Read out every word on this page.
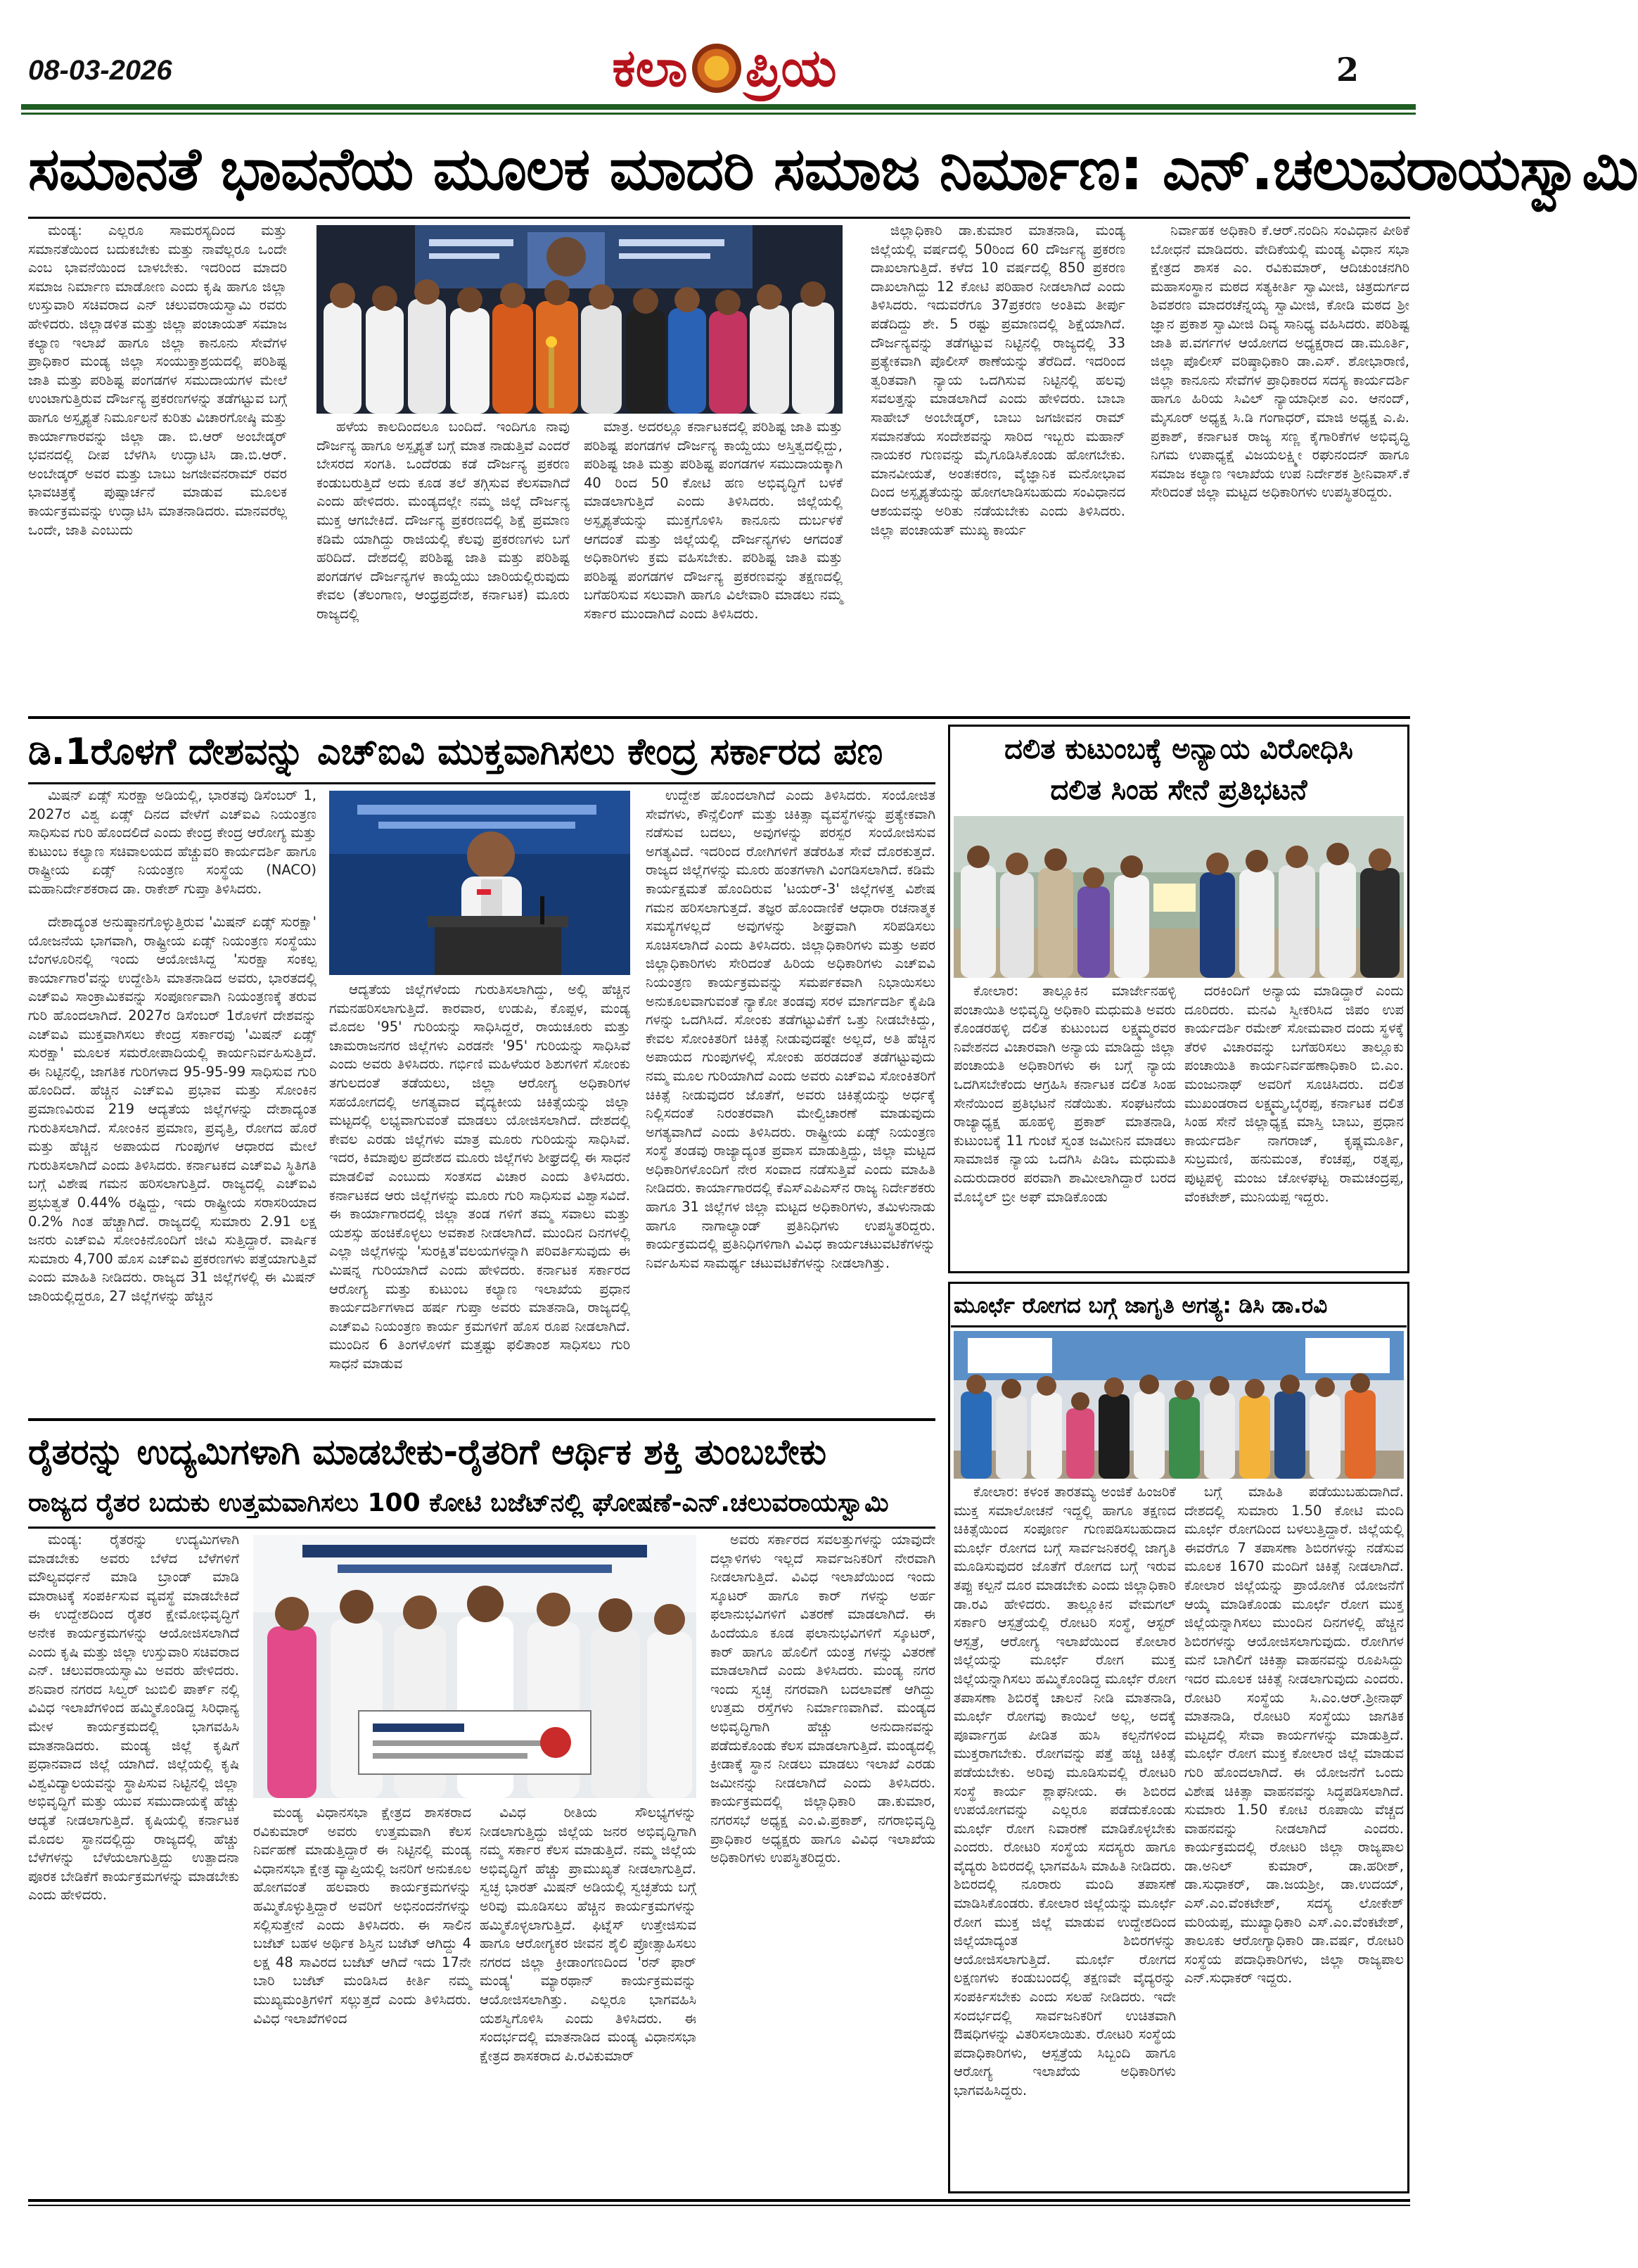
08-03-2026	ಕಲಾ ಪ್ರಿಯ	2
ಸಮಾನತೆ ಭಾವನೆಯ ಮೂಲಕ ಮಾದರಿ ಸಮಾಜ ನಿರ್ಮಾಣ: ಎನ್.ಚಲುವರಾಯಸ್ವಾಮಿ

ಮಂಡ್ಯ: ಎಲ್ಲರೂ ಸಾಮರಸ್ಯದಿಂದ ಮತ್ತು ಸಮಾನತೆಯಿಂದ ಬದುಕಬೇಕು ಮತ್ತು ನಾವೆಲ್ಲರೂ ಒಂದೇ ಎಂಬ ಭಾವನೆಯಿಂದ ಬಾಳಬೇಕು. ಇದರಿಂದ ಮಾದರಿ ಸಮಾಜ ನಿರ್ಮಾಣ ಮಾಡೋಣ ಎಂದು ಕೃಷಿ ಹಾಗೂ ಜಿಲ್ಲಾ ಉಸ್ತುವಾರಿ ಸಚಿವರಾದ ಎನ್ ಚಲುವರಾಯಸ್ವಾಮಿ ರವರು ಹೇಳಿದರು. ಜಿಲ್ಲಾಡಳಿತ ಮತ್ತು ಜಿಲ್ಲಾ ಪಂಚಾಯತ್ ಸಮಾಜ ಕಲ್ಯಾಣ ಇಲಾಖೆ ಹಾಗೂ ಜಿಲ್ಲಾ ಕಾನೂನು ಸೇವೆಗಳ ಪ್ರಾಧಿಕಾರ ಮಂಡ್ಯ ಜಿಲ್ಲಾ ಸಂಯುಕ್ತಾಶ್ರಯದಲ್ಲಿ ಪರಿಶಿಷ್ಟ ಜಾತಿ ಮತ್ತು ಪರಿಶಿಷ್ಟ ಪಂಗಡಗಳ ಸಮುದಾಯಗಳ ಮೇಲೆ ಉಂಟಾಗುತ್ತಿರುವ ದೌರ್ಜನ್ಯ ಪ್ರಕರಣಗಳನ್ನು ತಡೆಗಟ್ಟುವ ಬಗ್ಗೆ ಹಾಗೂ ಅಸ್ಪೃಶ್ಯತೆ ನಿರ್ಮೂಲನೆ ಕುರಿತು ವಿಚಾರಗೋಷ್ಠಿ ಮತ್ತು ಕಾರ್ಯಾಗಾರವನ್ನು ಜಿಲ್ಲಾ ಡಾ. ಬಿ.ಆರ್ ಅಂಬೇಡ್ಕರ್ ಭವನದಲ್ಲಿ ದೀಪ ಬೆಳಗಿಸಿ ಉದ್ಘಾಟಿಸಿ ಡಾ.ಬಿ.ಆರ್. ಅಂಬೇಡ್ಕರ್ ಅವರ ಮತ್ತು ಬಾಬು ಜಗಜೀವನರಾಮ್ ರವರ ಭಾವಚಿತ್ರಕ್ಕೆ ಪುಷ್ಪಾರ್ಚನೆ ಮಾಡುವ ಮೂಲಕ ಕಾರ್ಯಕ್ರಮವನ್ನು ಉದ್ಘಾಟಿಸಿ ಮಾತನಾಡಿದರು. ಮಾನವರೆಲ್ಲ ಒಂದೇ, ಜಾತಿ ಎಂಬುದು

ಹಳೆಯ ಕಾಲದಿಂದಲೂ ಬಂದಿದೆ. ಇಂದಿಗೂ ನಾವು ದೌರ್ಜನ್ಯ ಹಾಗೂ ಅಸ್ಪೃಶ್ಯತೆ ಬಗ್ಗೆ ಮಾತ ನಾಡುತ್ತಿವೆ ಎಂದರೆ ಬೇಸರದ ಸಂಗತಿ. ಒಂದೆರಡು ಕಡೆ ದೌರ್ಜನ್ಯ ಪ್ರಕರಣ ಕಂಡುಬರುತ್ತಿದೆ ಅದು ಕೂಡ ತಲೆ ತಗ್ಗಿಸುವ ಕೆಲಸವಾಗಿದೆ ಎಂದು ಹೇಳಿದರು. ಮಂಡ್ಯದಲ್ಲೇ ನಮ್ಮ ಜಿಲ್ಲೆ ದೌರ್ಜನ್ಯ ಮುಕ್ತ ಆಗಬೇಕಿದೆ. ದೌರ್ಜನ್ಯ ಪ್ರಕರಣದಲ್ಲಿ ಶಿಕ್ಷೆ ಪ್ರಮಾಣ ಕಡಿಮೆ ಯಾಗಿದ್ದು ರಾಜಿಯಲ್ಲಿ ಕೆಲವು ಪ್ರಕರಣಗಳು ಬಗೆ ಹರಿದಿದೆ. ದೇಶದಲ್ಲಿ ಪರಿಶಿಷ್ಟ ಜಾತಿ ಮತ್ತು ಪರಿಶಿಷ್ಟ ಪಂಗಡಗಳ ದೌರ್ಜನ್ಯಗಳ ಕಾಯ್ದೆಯು ಜಾರಿಯಲ್ಲಿರುವುದು ಕೇವಲ (ತೆಲಂಗಾಣ, ಆಂಧ್ರಪ್ರದೇಶ, ಕರ್ನಾಟಕ) ಮೂರು ರಾಜ್ಯದಲ್ಲಿ

ಮಾತ್ರ. ಅದರಲ್ಲೂ ಕರ್ನಾಟಕದಲ್ಲಿ ಪರಿಶಿಷ್ಟ ಜಾತಿ ಮತ್ತು ಪರಿಶಿಷ್ಟ ಪಂಗಡಗಳ ದೌರ್ಜನ್ಯ ಕಾಯ್ದೆಯು ಅಸ್ತಿತ್ವದಲ್ಲಿದ್ದು, ಪರಿಶಿಷ್ಟ ಜಾತಿ ಮತ್ತು ಪರಿಶಿಷ್ಟ ಪಂಗಡಗಳ ಸಮುದಾಯಕ್ಕಾಗಿ 40 ರಿಂದ 50 ಕೋಟಿ ಹಣ ಅಭಿವೃದ್ಧಿಗೆ ಬಳಕೆ ಮಾಡಲಾಗುತ್ತಿದೆ ಎಂದು ತಿಳಿಸಿದರು. ಜಿಲ್ಲೆಯಲ್ಲಿ ಅಸ್ಪೃಶ್ಯತೆಯನ್ನು ಮುಕ್ತಗೊಳಿಸಿ ಕಾನೂನು ದುರ್ಬಳಕೆ ಆಗದಂತೆ ಮತ್ತು ಜಿಲ್ಲೆಯಲ್ಲಿ ದೌರ್ಜನ್ಯಗಳು ಆಗದಂತೆ ಅಧಿಕಾರಿಗಳು ಕ್ರಮ ವಹಿಸಬೇಕು. ಪರಿಶಿಷ್ಟ ಜಾತಿ ಮತ್ತು ಪರಿಶಿಷ್ಟ ಪಂಗಡಗಳ ದೌರ್ಜನ್ಯ ಪ್ರಕರಣವನ್ನು ತಕ್ಷಣದಲ್ಲಿ ಬಗೆಹರಿಸುವ ಸಲುವಾಗಿ ಹಾಗೂ ವಿಲೇವಾರಿ ಮಾಡಲು ನಮ್ಮ ಸರ್ಕಾರ ಮುಂದಾಗಿದೆ ಎಂದು ತಿಳಿಸಿದರು.

ಜಿಲ್ಲಾಧಿಕಾರಿ ಡಾ.ಕುಮಾರ ಮಾತನಾಡಿ, ಮಂಡ್ಯ ಜಿಲ್ಲೆಯಲ್ಲಿ ವರ್ಷದಲ್ಲಿ 50ರಿಂದ 60 ದೌರ್ಜನ್ಯ ಪ್ರಕರಣ ದಾಖಲಾಗುತ್ತಿದೆ. ಕಳೆದ 10 ವರ್ಷದಲ್ಲಿ 850 ಪ್ರಕರಣ ದಾಖಲಾಗಿದ್ದು 12 ಕೋಟಿ ಪರಿಹಾರ ನೀಡಲಾಗಿದೆ ಎಂದು ತಿಳಿಸಿದರು. ಇದುವರೆಗೂ 37ಪ್ರಕರಣ ಅಂತಿಮ ತೀರ್ಪು ಪಡೆದಿದ್ದು ಶೇ. 5 ರಷ್ಟು ಪ್ರಮಾಣದಲ್ಲಿ ಶಿಕ್ಷೆಯಾಗಿದೆ. ದೌರ್ಜನ್ಯವನ್ನು ತಡೆಗಟ್ಟುವ ನಿಟ್ಟಿನಲ್ಲಿ ರಾಜ್ಯದಲ್ಲಿ 33 ಪ್ರತ್ಯೇಕವಾಗಿ ಪೊಲೀಸ್ ಠಾಣೆಯನ್ನು ತೆರೆದಿದೆ. ಇದರಿಂದ ತ್ವರಿತವಾಗಿ ನ್ಯಾಯ ಒದಗಿಸುವ ನಿಟ್ಟಿನಲ್ಲಿ ಹಲವು ಸವಲತ್ತನ್ನು ಮಾಡಲಾಗಿದೆ ಎಂದು ಹೇಳಿದರು. ಬಾಬಾ ಸಾಹೇಬ್ ಅಂಬೇಡ್ಕರ್, ಬಾಬು ಜಗಜೀವನ ರಾಮ್ ಸಮಾನತೆಯ ಸಂದೇಶವನ್ನು ಸಾರಿದ ಇಬ್ಬರು ಮಹಾನ್ ನಾಯಕರ ಗುಣವನ್ನು ಮೈಗೂಡಿಸಿಕೊಂಡು ಹೋಗಬೇಕು. ಮಾನವೀಯತೆ, ಅಂತಃಕರಣ, ವೈಜ್ಞಾನಿಕ ಮನೋಭಾವ ದಿಂದ ಅಸ್ಪೃಶ್ಯತೆಯನ್ನು ಹೋಗಲಾಡಿಸಬಹುದು ಸಂವಿಧಾನದ ಆಶಯವನ್ನು ಅರಿತು ನಡೆಯಬೇಕು ಎಂದು ತಿಳಿಸಿದರು. ಜಿಲ್ಲಾ ಪಂಚಾಯತ್ ಮುಖ್ಯ ಕಾರ್ಯ

ನಿರ್ವಾಹಕ ಅಧಿಕಾರಿ ಕೆ.ಆರ್.ನಂದಿನಿ ಸಂವಿಧಾನ ಪೀಠಿಕೆ ಬೋಧನೆ ಮಾಡಿದರು. ವೇದಿಕೆಯಲ್ಲಿ ಮಂಡ್ಯ ವಿಧಾನ ಸಭಾ ಕ್ಷೇತ್ರದ ಶಾಸಕ ಎಂ. ರವಿಕುಮಾರ್, ಆದಿಚುಂಚನಗಿರಿ ಮಹಾಸಂಸ್ಥಾನ ಮಠದ ಸತ್ಯಕೀರ್ತಿ ಸ್ವಾಮೀಜಿ, ಚಿತ್ರದುರ್ಗದ ಶಿವಶರಣ ಮಾದರಚೆನ್ನಯ್ಯ ಸ್ವಾಮೀಜಿ, ಕೋಡಿ ಮಠದ ಶ್ರೀ ಜ್ಞಾನ ಪ್ರಕಾಶ ಸ್ವಾಮೀಜಿ ದಿವ್ಯ ಸಾನಿಧ್ಯ ವಹಿಸಿದರು. ಪರಿಶಿಷ್ಟ ಜಾತಿ ಪ.ವರ್ಗಗಳ ಆಯೋಗದ ಅಧ್ಯಕ್ಷರಾದ ಡಾ.ಮೂರ್ತಿ, ಜಿಲ್ಲಾ ಪೊಲೀಸ್ ವರಿಷ್ಠಾಧಿಕಾರಿ ಡಾ.ಎಸ್. ಶೋಭಾರಾಣಿ, ಜಿಲ್ಲಾ ಕಾನೂನು ಸೇವೆಗಳ ಪ್ರಾಧಿಕಾರದ ಸದಸ್ಯ ಕಾರ್ಯದರ್ಶಿ ಹಾಗೂ ಹಿರಿಯ ಸಿವಿಲ್ ನ್ಯಾಯಾಧೀಶ ಎಂ. ಆನಂದ್, ಮೈಸೂರ್ ಅಧ್ಯಕ್ಷ ಸಿ.ಡಿ ಗಂಗಾಧರ್, ಮಾಜಿ ಅಧ್ಯಕ್ಷ ಎ.ಪಿ. ಪ್ರಕಾಶ್, ಕರ್ನಾಟಕ ರಾಜ್ಯ ಸಣ್ಣ ಕೈಗಾರಿಕೆಗಳ ಅಭಿವೃದ್ಧಿ ನಿಗಮ ಉಪಾಧ್ಯಕ್ಷೆ ವಿಜಯಲಕ್ಷ್ಮೀ ರಘುನಂದನ್ ಹಾಗೂ ಸಮಾಜ ಕಲ್ಯಾಣ ಇಲಾಖೆಯ ಉಪ ನಿರ್ದೇಶಕ ಶ್ರೀನಿವಾಸ್.ಕೆ ಸೇರಿದಂತೆ ಜಿಲ್ಲಾ ಮಟ್ಟದ ಅಧಿಕಾರಿಗಳು ಉಪಸ್ಥಿತರಿದ್ದರು.

ಡಿ.1ರೊಳಗೆ ದೇಶವನ್ನು ಎಚ್‌ಐವಿ ಮುಕ್ತವಾಗಿಸಲು ಕೇಂದ್ರ ಸರ್ಕಾರದ ಪಣ

ಮಿಷನ್ ಏಡ್ಸ್ ಸುರಕ್ಷಾ ಅಡಿಯಲ್ಲಿ, ಭಾರತವು ಡಿಸೆಂಬರ್ 1, 2027ರ ವಿಶ್ವ ಏಡ್ಸ್ ದಿನದ ವೇಳೆಗೆ ಎಚ್‌ಐವಿ ನಿಯಂತ್ರಣ ಸಾಧಿಸುವ ಗುರಿ ಹೊಂದಲಿದೆ ಎಂದು ಕೇಂದ್ರ ಕೇಂದ್ರ ಆರೋಗ್ಯ ಮತ್ತು ಕುಟುಂಬ ಕಲ್ಯಾಣ ಸಚಿವಾಲಯದ ಹೆಚ್ಚುವರಿ ಕಾರ್ಯದರ್ಶಿ ಹಾಗೂ ರಾಷ್ಟ್ರೀಯ ಏಡ್ಸ್ ನಿಯಂತ್ರಣ ಸಂಸ್ಥೆಯ (NACO) ಮಹಾನಿರ್ದೇಶಕರಾದ ಡಾ. ರಾಕೇಶ್ ಗುಪ್ತಾ ತಿಳಿಸಿದರು.

ದೇಶಾದ್ಯಂತ ಅನುಷ್ಠಾನಗೊಳ್ಳುತ್ತಿರುವ 'ಮಿಷನ್ ಏಡ್ಸ್ ಸುರಕ್ಷಾ' ಯೋಜನೆಯ ಭಾಗವಾಗಿ, ರಾಷ್ಟ್ರೀಯ ಏಡ್ಸ್ ನಿಯಂತ್ರಣ ಸಂಸ್ಥೆಯು ಬೆಂಗಳೂರಿನಲ್ಲಿ ಇಂದು ಆಯೋಜಿಸಿದ್ದ 'ಸುರಕ್ಷಾ ಸಂಕಲ್ಪ ಕಾರ್ಯಾಗಾರ'ವನ್ನು ಉದ್ದೇಶಿಸಿ ಮಾತನಾಡಿದ ಅವರು, ಭಾರತದಲ್ಲಿ ಎಚ್‌ಐವಿ ಸಾಂಕ್ರಾಮಿಕವನ್ನು ಸಂಪೂರ್ಣವಾಗಿ ನಿಯಂತ್ರಣಕ್ಕೆ ತರುವ ಗುರಿ ಹೊಂದಲಾಗಿದೆ. 2027ರ ಡಿಸೆಂಬರ್ 1ರೊಳಗೆ ದೇಶವನ್ನು ಎಚ್‌ಐವಿ ಮುಕ್ತವಾಗಿಸಲು ಕೇಂದ್ರ ಸರ್ಕಾರವು 'ಮಿಷನ್ ಏಡ್ಸ್ ಸುರಕ್ಷಾ' ಮೂಲಕ ಸಮರೋಪಾದಿಯಲ್ಲಿ ಕಾರ್ಯನಿರ್ವಹಿಸುತ್ತಿದೆ. ಈ ನಿಟ್ಟಿನಲ್ಲಿ, ಜಾಗತಿಕ ಗುರಿಗಳಾದ 95-95-99 ಸಾಧಿಸುವ ಗುರಿ ಹೊಂದಿದೆ. ಹೆಚ್ಚಿನ ಎಚ್‌ಐವಿ ಪ್ರಭಾವ ಮತ್ತು ಸೋಂಕಿನ ಪ್ರಮಾಣವಿರುವ 219 ಆದ್ಯತೆಯ ಜಿಲ್ಲೆಗಳನ್ನು ದೇಶಾದ್ಯಂತ ಗುರುತಿಸಲಾಗಿದೆ. ಸೋಂಕಿನ ಪ್ರಮಾಣ, ಪ್ರವೃತ್ತಿ, ರೋಗದ ಹೊರೆ ಮತ್ತು ಹೆಚ್ಚಿನ ಅಪಾಯದ ಗುಂಪುಗಳ ಆಧಾರದ ಮೇಲೆ ಗುರುತಿಸಲಾಗಿದೆ ಎಂದು ತಿಳಿಸಿದರು. ಕರ್ನಾಟಕದ ಎಚ್‌ಐವಿ ಸ್ಥಿತಿಗತಿ ಬಗ್ಗೆ ವಿಶೇಷ ಗಮನ ಹರಿಸಲಾಗುತ್ತಿದೆ. ರಾಜ್ಯದಲ್ಲಿ ಎಚ್‌ಐವಿ ಪ್ರಭುತ್ವತೆ 0.44% ರಷ್ಟಿದ್ದು, ಇದು ರಾಷ್ಟ್ರೀಯ ಸರಾಸರಿಯಾದ 0.2% ಗಿಂತ ಹೆಚ್ಚಾಗಿದೆ. ರಾಜ್ಯದಲ್ಲಿ ಸುಮಾರು 2.91 ಲಕ್ಷ ಜನರು ಎಚ್‌ಐವಿ ಸೋಂಕಿನೊಂದಿಗೆ ಜೀವಿ ಸುತ್ತಿದ್ದಾರೆ. ವಾರ್ಷಿಕ ಸುಮಾರು 4,700 ಹೊಸ ಎಚ್‌ಐವಿ ಪ್ರಕರಣಗಳು ಪತ್ತೆಯಾಗುತ್ತಿವೆ ಎಂದು ಮಾಹಿತಿ ನೀಡಿದರು. ರಾಜ್ಯದ 31 ಜಿಲ್ಲೆಗಳಲ್ಲಿ ಈ ಮಿಷನ್ ಜಾರಿಯಲ್ಲಿದ್ದರೂ, 27 ಜಿಲ್ಲೆಗಳನ್ನು ಹೆಚ್ಚಿನ

ಆದ್ಯತೆಯ ಜಿಲ್ಲೆಗಳೆಂದು ಗುರುತಿಸಲಾಗಿದ್ದು, ಅಲ್ಲಿ ಹೆಚ್ಚಿನ ಗಮನಹರಿಸಲಾಗುತ್ತಿದೆ. ಕಾರವಾರ, ಉಡುಪಿ, ಕೊಪ್ಪಳ, ಮಂಡ್ಯ ಮೊದಲ '95' ಗುರಿಯನ್ನು ಸಾಧಿಸಿದ್ದರೆ, ರಾಯಚೂರು ಮತ್ತು ಚಾಮರಾಜನಗರ ಜಿಲ್ಲೆಗಳು ಎರಡನೇ '95' ಗುರಿಯನ್ನು ಸಾಧಿಸಿವೆ ಎಂದು ಅವರು ತಿಳಿಸಿದರು. ಗರ್ಭಿಣಿ ಮಹಿಳೆಯರ ಶಿಶುಗಳಿಗೆ ಸೋಂಕು ತಗುಲದಂತೆ ತಡೆಯಲು, ಜಿಲ್ಲಾ ಆರೋಗ್ಯ ಅಧಿಕಾರಿಗಳ ಸಹಯೋಗದಲ್ಲಿ ಅಗತ್ಯವಾದ ವೈದ್ಯಕೀಯ ಚಿಕಿತ್ಸೆಯನ್ನು ಜಿಲ್ಲಾ ಮಟ್ಟದಲ್ಲಿ ಲಭ್ಯವಾಗುವಂತೆ ಮಾಡಲು ಯೋಜಿಸಲಾಗಿದೆ. ದೇಶದಲ್ಲಿ ಕೇವಲ ಎರಡು ಜಿಲ್ಲೆಗಳು ಮಾತ್ರ ಮೂರು ಗುರಿಯನ್ನು ಸಾಧಿಸಿವೆ. ಇದರ, ಕಿಮಾಪುಲ ಪ್ರದೇಶದ ಮೂರು ಜಿಲ್ಲೆಗಳು ಶೀಘ್ರದಲ್ಲಿ ಈ ಸಾಧನೆ ಮಾಡಲಿವೆ ಎಂಬುದು ಸಂತಸದ ವಿಚಾರ ಎಂದು ತಿಳಿಸಿದರು. ಕರ್ನಾಟಕದ ಆರು ಜಿಲ್ಲೆಗಳನ್ನು ಮೂರು ಗುರಿ ಸಾಧಿಸುವ ವಿಶ್ವಾಸವಿದೆ. ಈ ಕಾರ್ಯಾಗಾರದಲ್ಲಿ ಜಿಲ್ಲಾ ತಂಡ ಗಳಿಗೆ ತಮ್ಮ ಸವಾಲು ಮತ್ತು ಯಶಸ್ಸು ಹಂಚಿಕೊಳ್ಳಲು ಅವಕಾಶ ನೀಡಲಾಗಿದೆ. ಮುಂದಿನ ದಿನಗಳಲ್ಲಿ ಎಲ್ಲಾ ಜಿಲ್ಲೆಗಳನ್ನು 'ಸುರಕ್ಷಿತ'ವಲಯಗಳನ್ನಾಗಿ ಪರಿವರ್ತಿಸುವುದು ಈ ಮಿಷನ್ನ ಗುರಿಯಾಗಿದೆ ಎಂದು ಹೇಳಿದರು. ಕರ್ನಾಟಕ ಸರ್ಕಾರದ ಆರೋಗ್ಯ ಮತ್ತು ಕುಟುಂಬ ಕಲ್ಯಾಣ ಇಲಾಖೆಯ ಪ್ರಧಾನ ಕಾರ್ಯದರ್ಶಿಗಳಾದ ಹರ್ಷ ಗುಪ್ತಾ ಅವರು ಮಾತನಾಡಿ, ರಾಜ್ಯದಲ್ಲಿ ಎಚ್‌ಐವಿ ನಿಯಂತ್ರಣ ಕಾರ್ಯ ಕ್ರಮಗಳಿಗೆ ಹೊಸ ರೂಪ ನೀಡಲಾಗಿದೆ. ಮುಂದಿನ 6 ತಿಂಗಳೊಳಗೆ ಮತ್ತಷ್ಟು ಫಲಿತಾಂಶ ಸಾಧಿಸಲು ಗುರಿ ಸಾಧನೆ ಮಾಡುವ

ಉದ್ದೇಶ ಹೊಂದಲಾಗಿದೆ ಎಂದು ತಿಳಿಸಿದರು. ಸಂಯೋಜಿತ ಸೇವೆಗಳು, ಕೌನ್ಸೆಲಿಂಗ್ ಮತ್ತು ಚಿಕಿತ್ಸಾ ವ್ಯವಸ್ಥೆಗಳನ್ನು ಪ್ರತ್ಯೇಕವಾಗಿ ನಡೆಸುವ ಬದಲು, ಅವುಗಳನ್ನು ಪರಸ್ಪರ ಸಂಯೋಜಿಸುವ ಅಗತ್ಯವಿದೆ. ಇದರಿಂದ ರೋಗಿಗಳಿಗೆ ತಡೆರಹಿತ ಸೇವೆ ದೊರಕುತ್ತದೆ. ರಾಜ್ಯದ ಜಿಲ್ಲೆಗಳನ್ನು ಮೂರು ಹಂತಗಳಾಗಿ ವಿಂಗಡಿಸಲಾಗಿದೆ. ಕಡಿಮೆ ಕಾರ್ಯಕ್ಷಮತೆ ಹೊಂದಿರುವ 'ಟಯರ್-3' ಜಿಲ್ಲೆಗಳತ್ತ ವಿಶೇಷ ಗಮನ ಹರಿಸಲಾಗುತ್ತದೆ. ತಜ್ಞರ ಹೊಂದಾಣಿಕೆ ಆಧಾರಾ ರಚನಾತ್ಮಕ ಸಮಸ್ಯೆಗಳಲ್ಲದೆ ಅವುಗಳನ್ನು ಶೀಘ್ರವಾಗಿ ಸರಿಪಡಿಸಲು ಸೂಚಿಸಲಾಗಿದೆ ಎಂದು ತಿಳಿಸಿದರು. ಜಿಲ್ಲಾಧಿಕಾರಿಗಳು ಮತ್ತು ಅಪರ ಜಿಲ್ಲಾಧಿಕಾರಿಗಳು ಸೇರಿದಂತೆ ಹಿರಿಯ ಅಧಿಕಾರಿಗಳು ಎಚ್‌ಐವಿ ನಿಯಂತ್ರಣ ಕಾರ್ಯಕ್ರಮವನ್ನು ಸಮರ್ಪಕವಾಗಿ ನಿಭಾಯಿಸಲು ಅನುಕೂಲವಾಗುವಂತೆ ನ್ಯಾಕೋ ತಂಡವು ಸರಳ ಮಾರ್ಗದರ್ಶಿ ಕೈಪಿಡಿ ಗಳನ್ನು ಒದಗಿಸಿದೆ. ಸೋಂಕು ತಡೆಗಟ್ಟುವಿಕೆಗೆ ಒತ್ತು ನೀಡಬೇಕಿದ್ದು, ಕೇವಲ ಸೋಂಕಿತರಿಗೆ ಚಿಕಿತ್ಸೆ ನೀಡುವುದಷ್ಟೇ ಅಲ್ಲದೆ, ಅತಿ ಹೆಚ್ಚಿನ ಅಪಾಯದ ಗುಂಪುಗಳಲ್ಲಿ ಸೋಂಕು ಹರಡದಂತೆ ತಡೆಗಟ್ಟುವುದು ನಮ್ಮ ಮೂಲ ಗುರಿಯಾಗಿದೆ ಎಂದು ಅವರು ಎಚ್‌ಐವಿ ಸೋಂಕಿತರಿಗೆ ಚಿಕಿತ್ಸೆ ನೀಡುವುದರ ಜೊತೆಗೆ, ಅವರು ಚಿಕಿತ್ಸೆಯನ್ನು ಅರ್ಧಕ್ಕೆ ನಿಲ್ಲಿಸದಂತೆ ನಿರಂತರವಾಗಿ ಮೇಲ್ವಿಚಾರಣೆ ಮಾಡುವುದು ಅಗತ್ಯವಾಗಿದೆ ಎಂದು ತಿಳಿಸಿದರು. ರಾಷ್ಟ್ರೀಯ ಏಡ್ಸ್ ನಿಯಂತ್ರಣ ಸಂಸ್ಥೆ ತಂಡವು ರಾಜ್ಯಾದ್ಯಂತ ಪ್ರವಾಸ ಮಾಡುತ್ತಿದ್ದು, ಜಿಲ್ಲಾ ಮಟ್ಟದ ಅಧಿಕಾರಿಗಳೊಂದಿಗೆ ನೇರ ಸಂವಾದ ನಡೆಸುತ್ತಿವೆ ಎಂದು ಮಾಹಿತಿ ನೀಡಿದರು. ಕಾರ್ಯಾಗಾರದಲ್ಲಿ ಕೆಎಸ್‌ಎಪಿಎಸ್‌ನ ರಾಜ್ಯ ನಿರ್ದೇಶಕರು ಹಾಗೂ 31 ಜಿಲ್ಲೆಗಳ ಜಿಲ್ಲಾ ಮಟ್ಟದ ಅಧಿಕಾರಿಗಳು, ತಮಿಳುನಾಡು ಹಾಗೂ ನಾಗಾಲ್ಯಾಂಡ್ ಪ್ರತಿನಿಧಿಗಳು ಉಪಸ್ಥಿತರಿದ್ದರು. ಕಾರ್ಯಕ್ರಮದಲ್ಲಿ ಪ್ರತಿನಿಧಿಗಳಿಗಾಗಿ ವಿವಿಧ ಕಾರ್ಯಚಟುವಟಿಕೆಗಳನ್ನು ನಿರ್ವಹಿಸುವ ಸಾಮರ್ಥ್ಯ ಚಟುವಟಿಕೆಗಳನ್ನು ನೀಡಲಾಗಿತ್ತು.

ದಲಿತ ಕುಟುಂಬಕ್ಕೆ ಅನ್ಯಾಯ ವಿರೋಧಿಸಿ
ದಲಿತ ಸಿಂಹ ಸೇನೆ ಪ್ರತಿಭಟನೆ

ಕೋಲಾರ: ತಾಲ್ಲೂಕಿನ ಮಾರ್ಜೇನಹಳ್ಳಿ ಪಂಚಾಯಿತಿ ಅಭಿವೃದ್ಧಿ ಅಧಿಕಾರಿ ಮಧುಮತಿ ಅವರು ಕೊಂಡರಹಳ್ಳಿ ದಲಿತ ಕುಟುಂಬದ ಲಕ್ಷ್ಮಮ್ಮರವರ ನಿವೇಶನದ ವಿಚಾರವಾಗಿ ಅನ್ಯಾಯ ಮಾಡಿದ್ದು ಜಿಲ್ಲಾ ಪಂಚಾಯತಿ ಅಧಿಕಾರಿಗಳು ಈ ಬಗ್ಗೆ ನ್ಯಾಯ ಒದಗಿಸಬೇಕೆಂದು ಆಗ್ರಹಿಸಿ ಕರ್ನಾಟಕ ದಲಿತ ಸಿಂಹ ಸೇನೆಯಿಂದ ಪ್ರತಿಭಟನೆ ನಡೆಯಿತು. ಸಂಘಟನೆಯ ರಾಜ್ಯಾಧ್ಯಕ್ಷ ಹೂಹಳ್ಳಿ ಪ್ರಕಾಶ್ ಮಾತನಾಡಿ, ಕುಟುಂಬಕ್ಕೆ 11 ಗುಂಟೆ ಸ್ವಂತ ಜಮೀನಿನ ಮಾಡಲು ಸಾಮಾಜಿಕ ನ್ಯಾಯ ಒದಗಿಸಿ ಪಿಡಿಒ ಮಧುಮತಿ ಎದುರುದಾರರ ಪರವಾಗಿ ಶಾಮೀಲಾಗಿದ್ದಾರೆ ಬರದ ಮೊಬೈಲ್ ಬ್ರೀ ಅಫ್ ಮಾಡಿಕೊಂಡು

ದರಕಿಂದಿಗೆ ಅನ್ಯಾಯ ಮಾಡಿದ್ದಾರೆ ಎಂದು ದೂರಿದರು. ಮನವಿ ಸ್ವೀಕರಿಸಿದ ಜಿಪಂ ಉಪ ಕಾರ್ಯದರ್ಶಿ ರಮೇಶ್ ಸೋಮವಾರ ದಂದು ಸ್ಥಳಕ್ಕೆ ತೆರಳಿ ವಿಚಾರವನ್ನು ಬಗೆಹರಿಸಲು ತಾಲ್ಲೂಕು ಪಂಚಾಯಿತಿ ಕಾರ್ಯನಿರ್ವಹಣಾಧಿಕಾರಿ ಬಿ.ಎಂ. ಮಂಜುನಾಥ್ ಅವರಿಗೆ ಸೂಚಿಸಿದರು. ದಲಿತ ಮುಖಂಡರಾದ ಲಕ್ಷ್ಮಮ್ಮ,ಬೈರಪ್ಪ, ಕರ್ನಾಟಕ ದಲಿತ ಸಿಂಹ ಸೇನೆ ಜಿಲ್ಲಾಧ್ಯಕ್ಷ ಮಾಸ್ತಿ ಬಾಬು, ಪ್ರಧಾನ ಕಾರ್ಯದರ್ಶಿ ನಾಗರಾಜ್, ಕೃಷ್ಣಮೂರ್ತಿ, ಸುಬ್ರಮಣಿ, ಹನುಮಂತ, ಕೆಂಚಪ್ಪ, ರತ್ನಪ್ಪ, ಪುಟ್ಟಪಳ್ಳಿ ಮಂಜು ಚೋಳಘಟ್ಟ ರಾಮಚಂದ್ರಪ್ಪ, ವೆಂಕಟೇಶ್, ಮುನಿಯಪ್ಪ ಇದ್ದರು.

ಮೂರ್ಛೆ ರೋಗದ ಬಗ್ಗೆ ಜಾಗೃತಿ ಅಗತ್ಯ: ಡಿಸಿ ಡಾ.ರವಿ

ಕೋಲಾರ: ಕಳಂಕ ತಾರತಮ್ಯ ಅಂಜಿಕೆ ಹಿಂಜರಿಕೆ ಮುಕ್ತ ಸಮಾಲೋಚನೆ ಇದ್ದಲ್ಲಿ ಹಾಗೂ ತಕ್ಷಣದ ಚಿಕಿತ್ಸೆಯಿಂದ ಸಂಪೂರ್ಣ ಗುಣಪಡಿಸಬಹುದಾದ ಮೂರ್ಛೆ ರೋಗದ ಬಗ್ಗೆ ಸಾರ್ವಜನಿಕರಲ್ಲಿ ಜಾಗೃತಿ ಮೂಡಿಸುವುದರ ಜೊತೆಗೆ ರೋಗದ ಬಗ್ಗೆ ಇರುವ ತಪ್ಪು ಕಲ್ಪನೆ ದೂರ ಮಾಡಬೇಕು ಎಂದು ಜಿಲ್ಲಾಧಿಕಾರಿ ಡಾ.ರವಿ ಹೇಳಿದರು. ತಾಲ್ಲೂಕಿನ ವೇಮಗಲ್ ಸರ್ಕಾರಿ ಆಸ್ಪತ್ರೆಯಲ್ಲಿ ರೋಟರಿ ಸಂಸ್ಥೆ, ಆಸ್ಟರ್ ಆಸ್ಪತ್ರೆ, ಆರೋಗ್ಯ ಇಲಾಖೆಯಿಂದ ಕೋಲಾರ ಜಿಲ್ಲೆಯನ್ನು ಮೂರ್ಛೆ ರೋಗ ಮುಕ್ತ ಜಿಲ್ಲೆಯನ್ನಾಗಿಸಲು ಹಮ್ಮಿಕೊಂಡಿದ್ದ ಮೂರ್ಛೆ ರೋಗ ತಪಾಸಣಾ ಶಿಬಿರಕ್ಕೆ ಚಾಲನೆ ನೀಡಿ ಮಾತನಾಡಿ, ಮೂರ್ಛೆ ರೋಗವು ಕಾಯಿಲೆ ಅಲ್ಲ, ಅದಕ್ಕೆ ಪೂರ್ವಾಗ್ರಹ ಪೀಡಿತ ಹುಸಿ ಕಲ್ಪನೆಗಳಿಂದ ಮುಕ್ತರಾಗಬೇಕು. ರೋಗವನ್ನು ಪತ್ತೆ ಹಚ್ಚಿ ಚಿಕಿತ್ಸೆ ಪಡೆಯಬೇಕು. ಅರಿವು ಮೂಡಿಸುವಲ್ಲಿ ರೋಟರಿ ಸಂಸ್ಥೆ ಕಾರ್ಯ ಶ್ಲಾಘನೀಯ. ಈ ಶಿಬಿರದ ಉಪಯೋಗವನ್ನು ಎಲ್ಲರೂ ಪಡೆದುಕೊಂಡು ಮೂರ್ಛೆ ರೋಗ ನಿವಾರಣೆ ಮಾಡಿಕೊಳ್ಳಬೇಕು ಎಂದರು. ರೋಟರಿ ಸಂಸ್ಥೆಯ ಸದಸ್ಯರು ಹಾಗೂ ವೈದ್ಯರು ಶಿಬಿರದಲ್ಲಿ ಭಾಗವಹಿಸಿ ಮಾಹಿತಿ ನೀಡಿದರು. ಶಿಬಿರದಲ್ಲಿ ನೂರಾರು ಮಂದಿ ತಪಾಸಣೆ ಮಾಡಿಸಿಕೊಂಡರು. ಕೋಲಾರ ಜಿಲ್ಲೆಯನ್ನು ಮೂರ್ಛೆ ರೋಗ ಮುಕ್ತ ಜಿಲ್ಲೆ ಮಾಡುವ ಉದ್ದೇಶದಿಂದ ಜಿಲ್ಲೆಯಾದ್ಯಂತ ಶಿಬಿರಗಳನ್ನು ಆಯೋಜಿಸಲಾಗುತ್ತಿದೆ. ಮೂರ್ಛೆ ರೋಗದ ಲಕ್ಷಣಗಳು ಕಂಡುಬಂದಲ್ಲಿ ತಕ್ಷಣವೇ ವೈದ್ಯರನ್ನು ಸಂಪರ್ಕಿಸಬೇಕು ಎಂದು ಸಲಹೆ ನೀಡಿದರು. ಇದೇ ಸಂದರ್ಭದಲ್ಲಿ ಸಾರ್ವಜನಿಕರಿಗೆ ಉಚಿತವಾಗಿ ಔಷಧಿಗಳನ್ನು ವಿತರಿಸಲಾಯಿತು. ರೋಟರಿ ಸಂಸ್ಥೆಯ ಪದಾಧಿಕಾರಿಗಳು, ಆಸ್ಪತ್ರೆಯ ಸಿಬ್ಬಂದಿ ಹಾಗೂ ಆರೋಗ್ಯ ಇಲಾಖೆಯ ಅಧಿಕಾರಿಗಳು ಭಾಗವಹಿಸಿದ್ದರು.

ಬಗ್ಗೆ ಮಾಹಿತಿ ಪಡೆಯುಬಹುದಾಗಿದೆ. ದೇಶದಲ್ಲಿ ಸುಮಾರು 1.50 ಕೋಟಿ ಮಂದಿ ಮೂರ್ಛೆ ರೋಗದಿಂದ ಬಳಲುತ್ತಿದ್ದಾರೆ. ಜಿಲ್ಲೆಯಲ್ಲಿ ಈವರೆಗೂ 7 ತಪಾಸಣಾ ಶಿಬಿರಗಳನ್ನು ನಡೆಸುವ ಮೂಲಕ 1670 ಮಂದಿಗೆ ಚಿಕಿತ್ಸೆ ನೀಡಲಾಗಿದೆ. ಕೋಲಾರ ಜಿಲ್ಲೆಯನ್ನು ಪ್ರಾಯೋಗಿಕ ಯೋಜನೆಗೆ ಆಯ್ಕೆ ಮಾಡಿಕೊಂಡು ಮೂರ್ಛೆ ರೋಗ ಮುಕ್ತ ಜಿಲ್ಲೆಯನ್ನಾಗಿಸಲು ಮುಂದಿನ ದಿನಗಳಲ್ಲಿ ಹೆಚ್ಚಿನ ಶಿಬಿರಗಳನ್ನು ಆಯೋಜಿಸಲಾಗುವುದು. ರೋಗಿಗಳ ಮನೆ ಬಾಗಿಲಿಗೆ ಚಿಕಿತ್ಸಾ ವಾಹನವನ್ನು ರೂಪಿಸಿದ್ದು ಇದರ ಮೂಲಕ ಚಿಕಿತ್ಸೆ ನೀಡಲಾಗುವುದು ಎಂದರು. ರೋಟರಿ ಸಂಸ್ಥೆಯ ಸಿ.ಎಂ.ಆರ್.ಶ್ರೀನಾಥ್ ಮಾತನಾಡಿ, ರೋಟರಿ ಸಂಸ್ಥೆಯು ಜಾಗತಿಕ ಮಟ್ಟದಲ್ಲಿ ಸೇವಾ ಕಾರ್ಯಗಳನ್ನು ಮಾಡುತ್ತಿದೆ. ಮೂರ್ಛೆ ರೋಗ ಮುಕ್ತ ಕೋಲಾರ ಜಿಲ್ಲೆ ಮಾಡುವ ಗುರಿ ಹೊಂದಲಾಗಿದೆ. ಈ ಯೋಜನೆಗೆ ಒಂದು ವಿಶೇಷ ಚಿಕಿತ್ಸಾ ವಾಹನವನ್ನು ಸಿದ್ಧಪಡಿಸಲಾಗಿದೆ. ಸುಮಾರು 1.50 ಕೋಟಿ ರೂಪಾಯಿ ವೆಚ್ಚದ ವಾಹನವನ್ನು ನೀಡಲಾಗಿದೆ ಎಂದರು. ಕಾರ್ಯಕ್ರಮದಲ್ಲಿ ರೋಟರಿ ಜಿಲ್ಲಾ ರಾಜ್ಯಪಾಲ ಡಾ.ಅನಿಲ್‌ ಕುಮಾರ್, ಡಾ.ಹರೀಶ್, ಡಾ.ಸುಧಾಕರ್, ಡಾ.ಜಯಶ್ರೀ, ಡಾ.ಉದಯ್, ಎಸ್.ಎಂ.ವೆಂಕಟೇಶ್, ಸದಸ್ಯ ಲೋಕೇಶ್ ಮರಿಯಪ್ಪ, ಮುಖ್ಯಾಧಿಕಾರಿ ಎಸ್.ಎಂ.ವೆಂಕಟೇಶ್, ತಾಲೂಕು ಆರೋಗ್ಯಾಧಿಕಾರಿ ಡಾ.ವರ್ಷ, ರೋಟರಿ ಸಂಸ್ಥೆಯ ಪದಾಧಿಕಾರಿಗಳು, ಜಿಲ್ಲಾ ರಾಜ್ಯಪಾಲ ಎನ್.ಸುಧಾಕರ್ ಇದ್ದರು.

ರೈತರನ್ನು ಉದ್ಯಮಿಗಳಾಗಿ ಮಾಡಬೇಕು-ರೈತರಿಗೆ ಆರ್ಥಿಕ ಶಕ್ತಿ ತುಂಬಬೇಕು
ರಾಜ್ಯದ ರೈತರ ಬದುಕು ಉತ್ತಮವಾಗಿಸಲು 100 ಕೋಟಿ ಬಜೆಟ್‌ನಲ್ಲಿ ಘೋಷಣೆ-ಎನ್.ಚಲುವರಾಯಸ್ವಾಮಿ

ಮಂಡ್ಯ: ರೈತರನ್ನು ಉದ್ಯಮಿಗಳಾಗಿ ಮಾಡಬೇಕು ಅವರು ಬೆಳೆದ ಬೆಳೆಗಳಿಗೆ ಮೌಲ್ಯವರ್ಧನೆ ಮಾಡಿ ಬ್ರಾಂಡ್ ಮಾಡಿ ಮಾರಾಟಕ್ಕೆ ಸಂಪರ್ಕಿಸುವ ವ್ಯವಸ್ಥೆ ಮಾಡಬೇಕಿದೆ ಈ ಉದ್ದೇಶದಿಂದ ರೈತರ ಕ್ಷೇಮೋಭಿವೃದ್ಧಿಗೆ ಅನೇಕ ಕಾರ್ಯಕ್ರಮಗಳನ್ನು ಆಯೋಜಿಸಲಾಗಿದೆ ಎಂದು ಕೃಷಿ ಮತ್ತು ಜಿಲ್ಲಾ ಉಸ್ತುವಾರಿ ಸಚಿವರಾದ ಎನ್. ಚಲುವರಾಯಸ್ವಾಮಿ ಅವರು ಹೇಳಿದರು. ಶನಿವಾರ ನಗರದ ಸಿಲ್ವರ್ ಜುಬಿಲಿ ಪಾರ್ಕ್ ನಲ್ಲಿ ವಿವಿಧ ಇಲಾಖೆಗಳಿಂದ ಹಮ್ಮಿಕೊಂಡಿದ್ದ ಸಿರಿಧಾನ್ಯ ಮೇಳ ಕಾರ್ಯಕ್ರಮದಲ್ಲಿ ಭಾಗವಹಿಸಿ ಮಾತನಾಡಿದರು. ಮಂಡ್ಯ ಜಿಲ್ಲೆ ಕೃಷಿಗೆ ಪ್ರಧಾನವಾದ ಜಿಲ್ಲೆ ಯಾಗಿದೆ. ಜಿಲ್ಲೆಯಲ್ಲಿ ಕೃಷಿ ವಿಶ್ವವಿದ್ಯಾಲಯವನ್ನು ಸ್ಥಾಪಿಸುವ ನಿಟ್ಟಿನಲ್ಲಿ ಜಿಲ್ಲಾ ಅಭಿವೃದ್ಧಿಗೆ ಮತ್ತು ಯುವ ಸಮುದಾಯಕ್ಕೆ ಹೆಚ್ಚು ಆದ್ಯತೆ ನೀಡಲಾಗುತ್ತಿದೆ. ಕೃಷಿಯಲ್ಲಿ ಕರ್ನಾಟಕ ಮೊದಲ ಸ್ಥಾನದಲ್ಲಿದ್ದು ರಾಜ್ಯದಲ್ಲಿ ಹೆಚ್ಚು ಬೆಳೆಗಳನ್ನು ಬೆಳೆಯಲಾಗುತ್ತಿದ್ದು ಉತ್ಪಾದನಾ ಪೂರಕ ಬೇಡಿಕೆಗೆ ಕಾರ್ಯಕ್ರಮಗಳನ್ನು ಮಾಡಬೇಕು ಎಂದು ಹೇಳಿದರು.

ಮಂಡ್ಯ ವಿಧಾನಸಭಾ ಕ್ಷೇತ್ರದ ಶಾಸಕರಾದ ರವಿಕುಮಾರ್ ಅವರು ಉತ್ತಮವಾಗಿ ಕೆಲಸ ನಿರ್ವಹಣೆ ಮಾಡುತ್ತಿದ್ದಾರೆ ಈ ನಿಟ್ಟಿನಲ್ಲಿ ಮಂಡ್ಯ ವಿಧಾನಸಭಾ ಕ್ಷೇತ್ರ ವ್ಯಾಪ್ತಿಯಲ್ಲಿ ಜನರಿಗೆ ಅನುಕೂಲ ಹೋಗವಂತೆ ಹಲವಾರು ಕಾರ್ಯಕ್ರಮಗಳನ್ನು ಹಮ್ಮಿಕೊಳ್ಳುತ್ತಿದ್ದಾರೆ ಅವರಿಗೆ ಅಭಿನಂದನೆಗಳನ್ನು ಸಲ್ಲಿಸುತ್ತೇನೆ ಎಂದು ತಿಳಿಸಿದರು. ಈ ಸಾಲಿನ ಬಜೆಟ್ ಬಹಳ ಅರ್ಥಿಕ ಶಿಸ್ತಿನ ಬಜೆಟ್ ಆಗಿದ್ದು 4 ಲಕ್ಷ 48 ಸಾವಿರದ ಬಜೆಟ್ ಆಗಿದೆ ಇದು 17ನೇ ಬಾರಿ ಬಜೆಟ್ ಮಂಡಿಸಿದ ಕೀರ್ತಿ ನಮ್ಮ ಮುಖ್ಯಮಂತ್ರಿಗಳಿಗೆ ಸಲ್ಲುತ್ತದೆ ಎಂದು ತಿಳಿಸಿದರು. ವಿವಿಧ ಇಲಾಖೆಗಳಿಂದ

ವಿವಿಧ ರೀತಿಯ ಸೌಲಭ್ಯಗಳನ್ನು ನೀಡಲಾಗುತ್ತಿದ್ದು ಜಿಲ್ಲೆಯ ಜನರ ಅಭಿವೃದ್ಧಿಗಾಗಿ ನಮ್ಮ ಸರ್ಕಾರ ಕೆಲಸ ಮಾಡುತ್ತಿದೆ. ನಮ್ಮ ಜಿಲ್ಲೆಯ ಅಭಿವೃದ್ಧಿಗೆ ಹೆಚ್ಚು ಪ್ರಾಮುಖ್ಯತೆ ನೀಡಲಾಗುತ್ತಿದೆ. ಸ್ವಚ್ಛ ಭಾರತ್ ಮಿಷನ್ ಅಡಿಯಲ್ಲಿ ಸ್ವಚ್ಛತೆಯ ಬಗ್ಗೆ ಅರಿವು ಮೂಡಿಸಲು ಹೆಚ್ಚಿನ ಕಾರ್ಯಕ್ರಮಗಳನ್ನು ಹಮ್ಮಿಕೊಳ್ಳಲಾಗುತ್ತಿದೆ. ಫಿಟ್ನೆಸ್ ಉತ್ತೇಜಿಸುವ ಹಾಗೂ ಆರೋಗ್ಯಕರ ಜೀವನ ಶೈಲಿ ಪ್ರೋತ್ಸಾಹಿಸಲು ನಗರದ ಜಿಲ್ಲಾ ಕ್ರೀಡಾಂಗಣದಿಂದ 'ರನ್ ಫಾರ್ ಮಂಡ್ಯ' ಮ್ಯಾರಥಾನ್ ಕಾರ್ಯಕ್ರಮವನ್ನು ಆಯೋಜಿಸಲಾಗಿತ್ತು. ಎಲ್ಲರೂ ಭಾಗವಹಿಸಿ ಯಶಸ್ವಿಗೊಳಿಸಿ ಎಂದು ತಿಳಿಸಿದರು. ಈ ಸಂದರ್ಭದಲ್ಲಿ ಮಾತನಾಡಿದ ಮಂಡ್ಯ ವಿಧಾನಸಭಾ ಕ್ಷೇತ್ರದ ಶಾಸಕರಾದ ಪಿ.ರವಿಕುಮಾರ್

ಅವರು ಸರ್ಕಾರದ ಸವಲತ್ತುಗಳನ್ನು ಯಾವುದೇ ದಲ್ಲಾಳಿಗಳು ಇಲ್ಲದೆ ಸಾರ್ವಜನಿಕರಿಗೆ ನೇರವಾಗಿ ನೀಡಲಾಗುತ್ತಿದೆ. ವಿವಿಧ ಇಲಾಖೆಯಿಂದ ಇಂದು ಸ್ಕೂಟರ್ ಹಾಗೂ ಕಾರ್ ಗಳನ್ನು ಅರ್ಹ ಫಲಾನುಭವಿಗಳಿಗೆ ವಿತರಣೆ ಮಾಡಲಾಗಿದೆ. ಈ ಹಿಂದೆಯೂ ಕೂಡ ಫಲಾನುಭವಿಗಳಿಗೆ ಸ್ಕೂಟರ್, ಕಾರ್ ಹಾಗೂ ಹೊಲಿಗೆ ಯಂತ್ರ ಗಳನ್ನು ವಿತರಣೆ ಮಾಡಲಾಗಿದೆ ಎಂದು ತಿಳಿಸಿದರು. ಮಂಡ್ಯ ನಗರ ಇಂದು ಸ್ವಚ್ಛ ನಗರವಾಗಿ ಬದಲಾವಣೆ ಆಗಿದ್ದು ಉತ್ತಮ ರಸ್ತೆಗಳು ನಿರ್ಮಾಣವಾಗಿವೆ. ಮಂಡ್ಯದ ಅಭಿವೃದ್ಧಿಗಾಗಿ ಹೆಚ್ಚು ಅನುದಾನವನ್ನು ಪಡೆದುಕೊಂಡು ಕೆಲಸ ಮಾಡಲಾಗುತ್ತಿದೆ. ಮಂಡ್ಯದಲ್ಲಿ ಕ್ರೀಡಾಕ್ಕೆ ಸ್ಥಾನ ನೀಡಲು ಮಾಡಲು ಇಲಾಖೆ ಎರಡು ಜಮೀನನ್ನು ನೀಡಲಾಗಿದೆ ಎಂದು ತಿಳಿಸಿದರು. ಕಾರ್ಯಕ್ರಮದಲ್ಲಿ ಜಿಲ್ಲಾಧಿಕಾರಿ ಡಾ.ಕುಮಾರ, ನಗರಸಭೆ ಅಧ್ಯಕ್ಷ ಎಂ.ವಿ.ಪ್ರಕಾಶ್, ನಗರಾಭಿವೃದ್ಧಿ ಪ್ರಾಧಿಕಾರ ಅಧ್ಯಕ್ಷರು ಹಾಗೂ ವಿವಿಧ ಇಲಾಖೆಯ ಅಧಿಕಾರಿಗಳು ಉಪಸ್ಥಿತರಿದ್ದರು.
